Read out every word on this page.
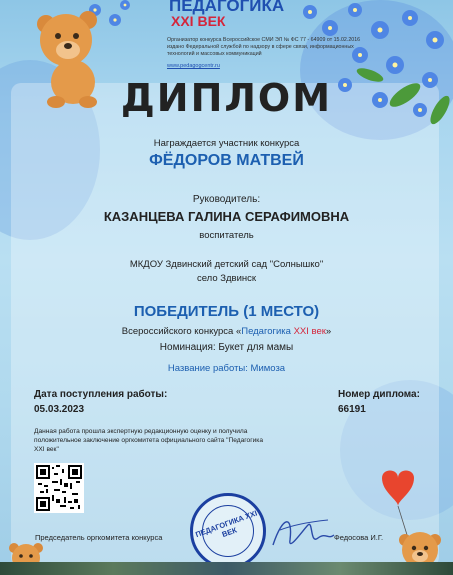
ПЕДАГОГИКА
XXI ВЕК
Организатор конкурса Всероссийское СМИ ЭЛ № ФС 77 - 64909 от 15.02.2016 издано Федеральной службой по надзору в сфере связи, информационных технологий и массовых коммуникаций
www.pedagogcentr.ru
ДИПЛОМ
Награждается участник конкурса
ФЁДОРОВ МАТВЕЙ
Руководитель:
КАЗАНЦЕВА ГАЛИНА СЕРАФИМОВНА
воспитатель
МКДОУ Здвинский детский сад "Солнышко"
село Здвинск
ПОБЕДИТЕЛЬ (1 МЕСТО)
Всероссийского конкурса «Педагогика XXI век»
Номинация: Букет для мамы
Название работы: Мимоза
Дата поступления работы:
05.03.2023
Номер диплома:
66191
Данная работа прошла экспертную редакционную оценку и получила положительное заключение оргкомитета официального сайта "Педагогика XXI век"
Председатель оргкомитета конкурса	Федосова И.Г.
ПЕДАГОГИКА XXI ВЕК
